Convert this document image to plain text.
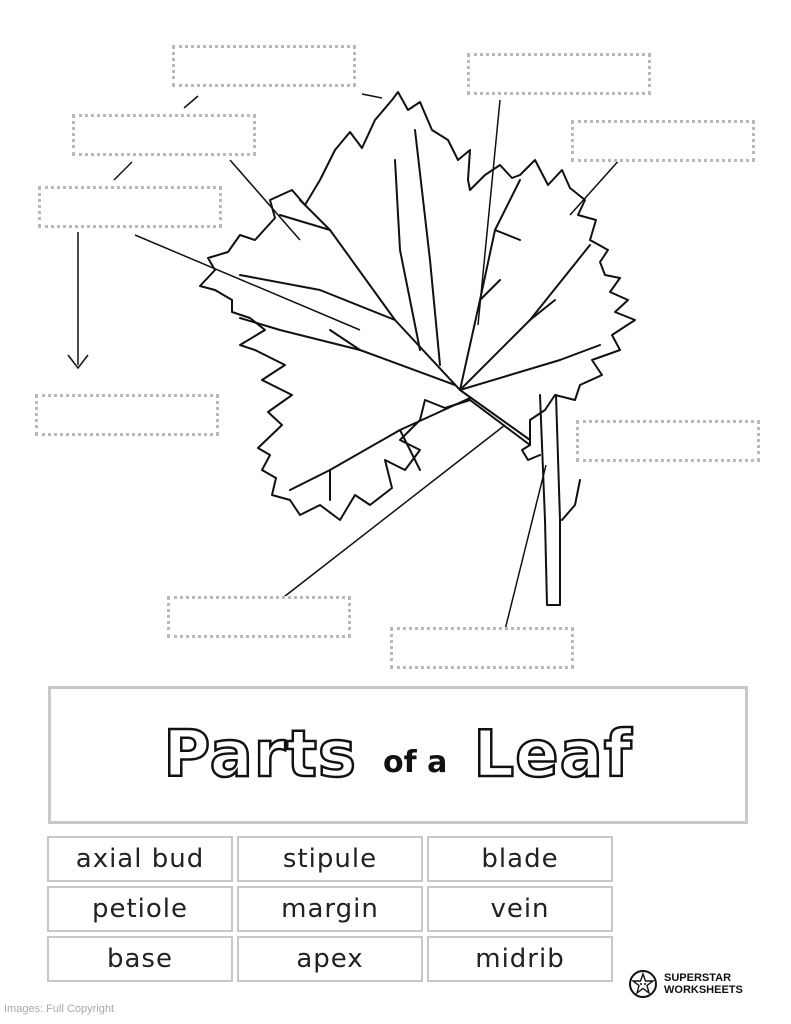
Parts of a Leaf
axial bud	stipule	blade
petiole	margin	vein
base	apex	midrib
Images: Full Copyright
SUPERSTAR
WORKSHEETS
